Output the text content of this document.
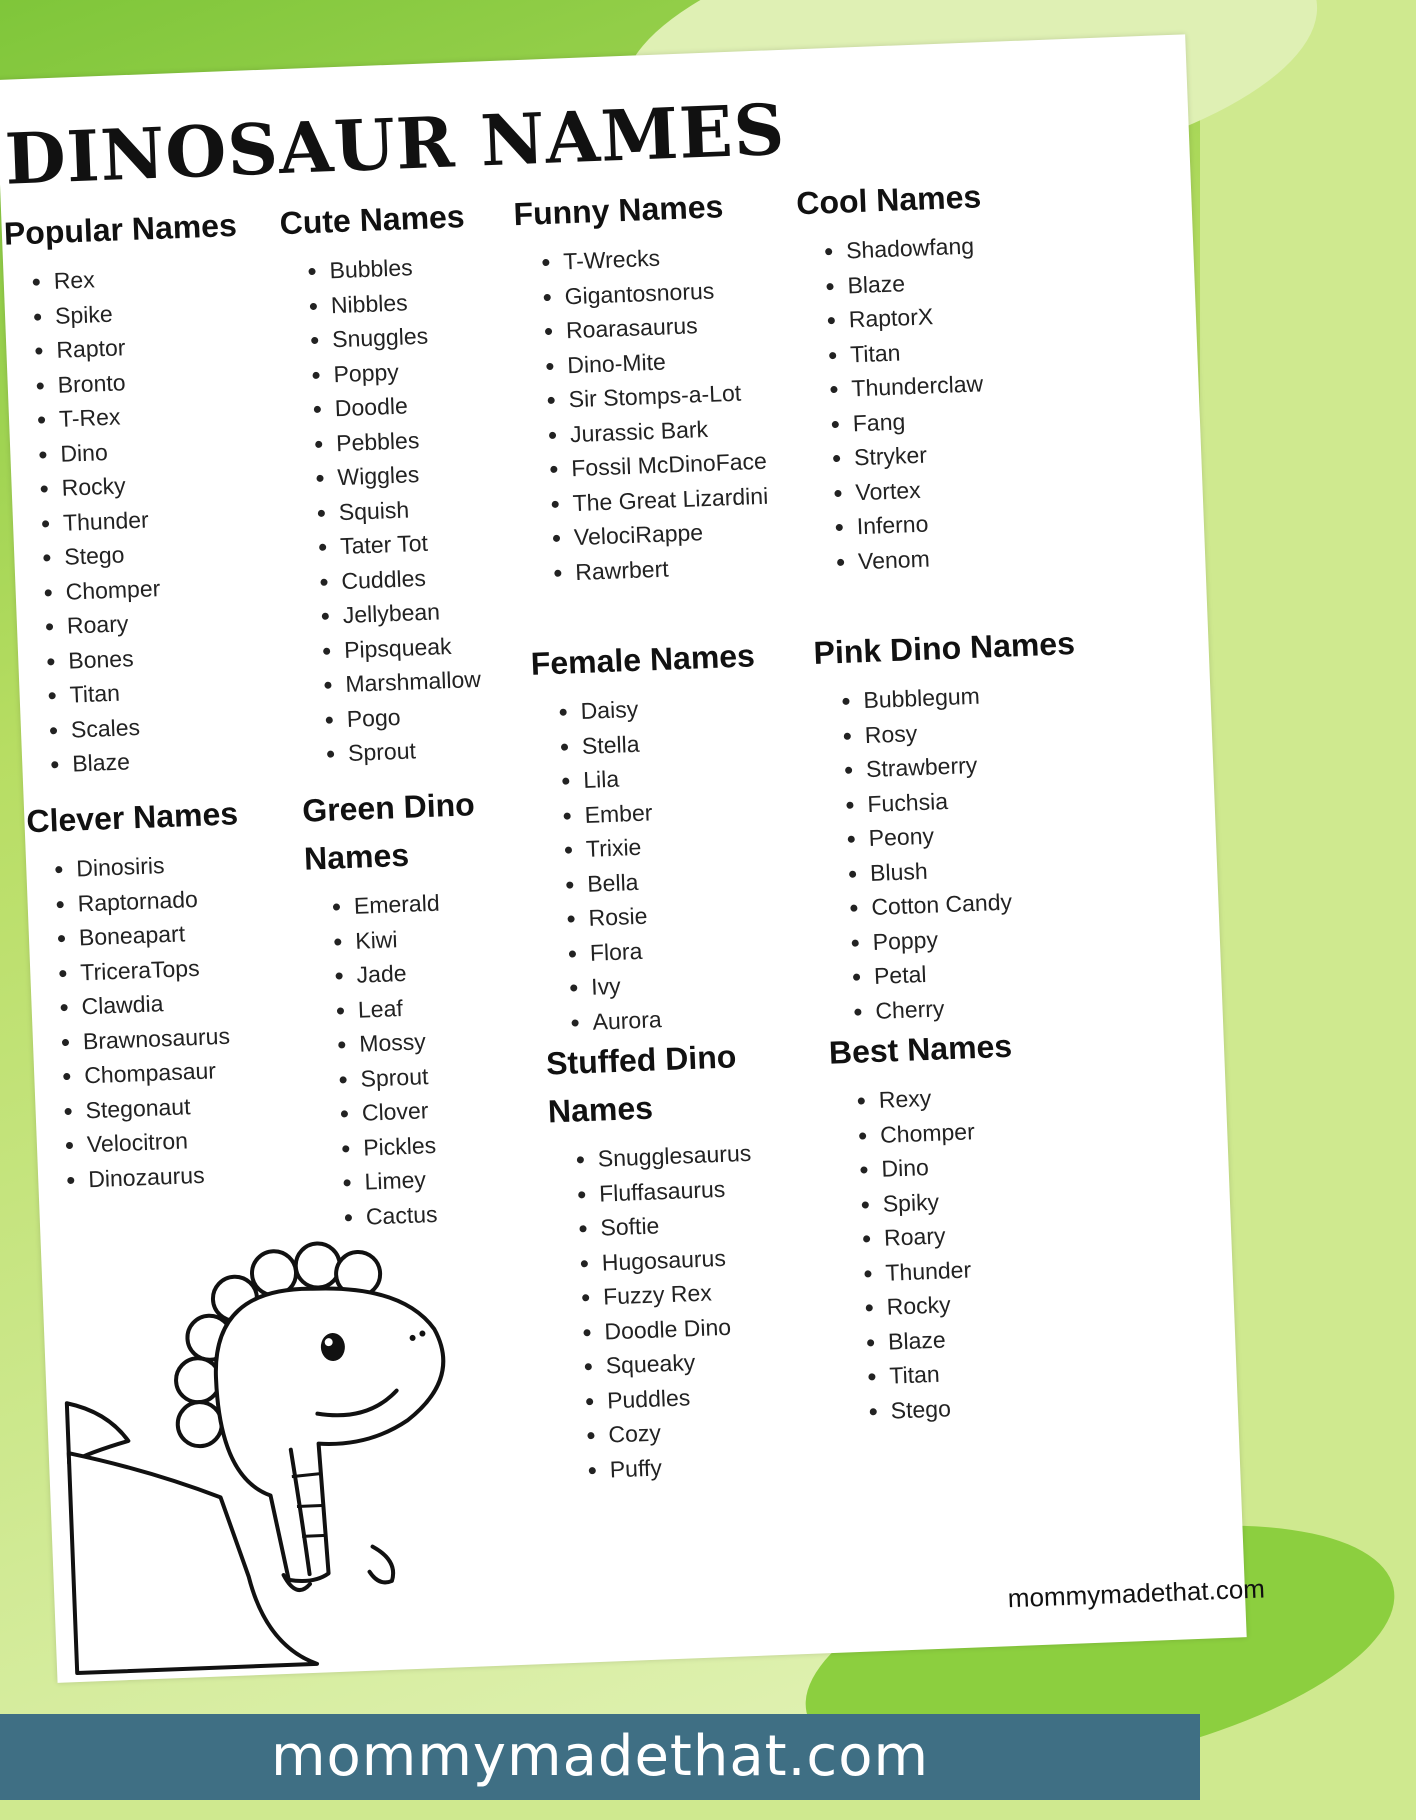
DINOSAUR NAMES
Popular Names
• Rex
• Spike
• Raptor
• Bronto
• T-Rex
• Dino
• Rocky
• Thunder
• Stego
• Chomper
• Roary
• Bones
• Titan
• Scales
• Blaze
Cute Names
• Bubbles
• Nibbles
• Snuggles
• Poppy
• Doodle
• Pebbles
• Wiggles
• Squish
• Tater Tot
• Cuddles
• Jellybean
• Pipsqueak
• Marshmallow
• Pogo
• Sprout
Funny Names
• T-Wrecks
• Gigantosnorus
• Roarasaurus
• Dino-Mite
• Sir Stomps-a-Lot
• Jurassic Bark
• Fossil McDinoFace
• The Great Lizardini
• VelociRappe
• Rawrbert
Cool Names
• Shadowfang
• Blaze
• RaptorX
• Titan
• Thunderclaw
• Fang
• Stryker
• Vortex
• Inferno
• Venom
Clever Names
• Dinosiris
• Raptornado
• Boneapart
• TriceraTops
• Clawdia
• Brawnosaurus
• Chompasaur
• Stegonaut
• Velocitron
• Dinozaurus
Green Dino Names
• Emerald
• Kiwi
• Jade
• Leaf
• Mossy
• Sprout
• Clover
• Pickles
• Limey
• Cactus
Female Names
• Daisy
• Stella
• Lila
• Ember
• Trixie
• Bella
• Rosie
• Flora
• Ivy
• Aurora
Pink Dino Names
• Bubblegum
• Rosy
• Strawberry
• Fuchsia
• Peony
• Blush
• Cotton Candy
• Poppy
• Petal
• Cherry
Stuffed Dino Names
• Snugglesaurus
• Fluffasaurus
• Softie
• Hugosaurus
• Fuzzy Rex
• Doodle Dino
• Squeaky
• Puddles
• Cozy
• Puffy
Best Names
• Rexy
• Chomper
• Dino
• Spiky
• Roary
• Thunder
• Rocky
• Blaze
• Titan
• Stego
mommymadethat.com
mommymadethat.com
